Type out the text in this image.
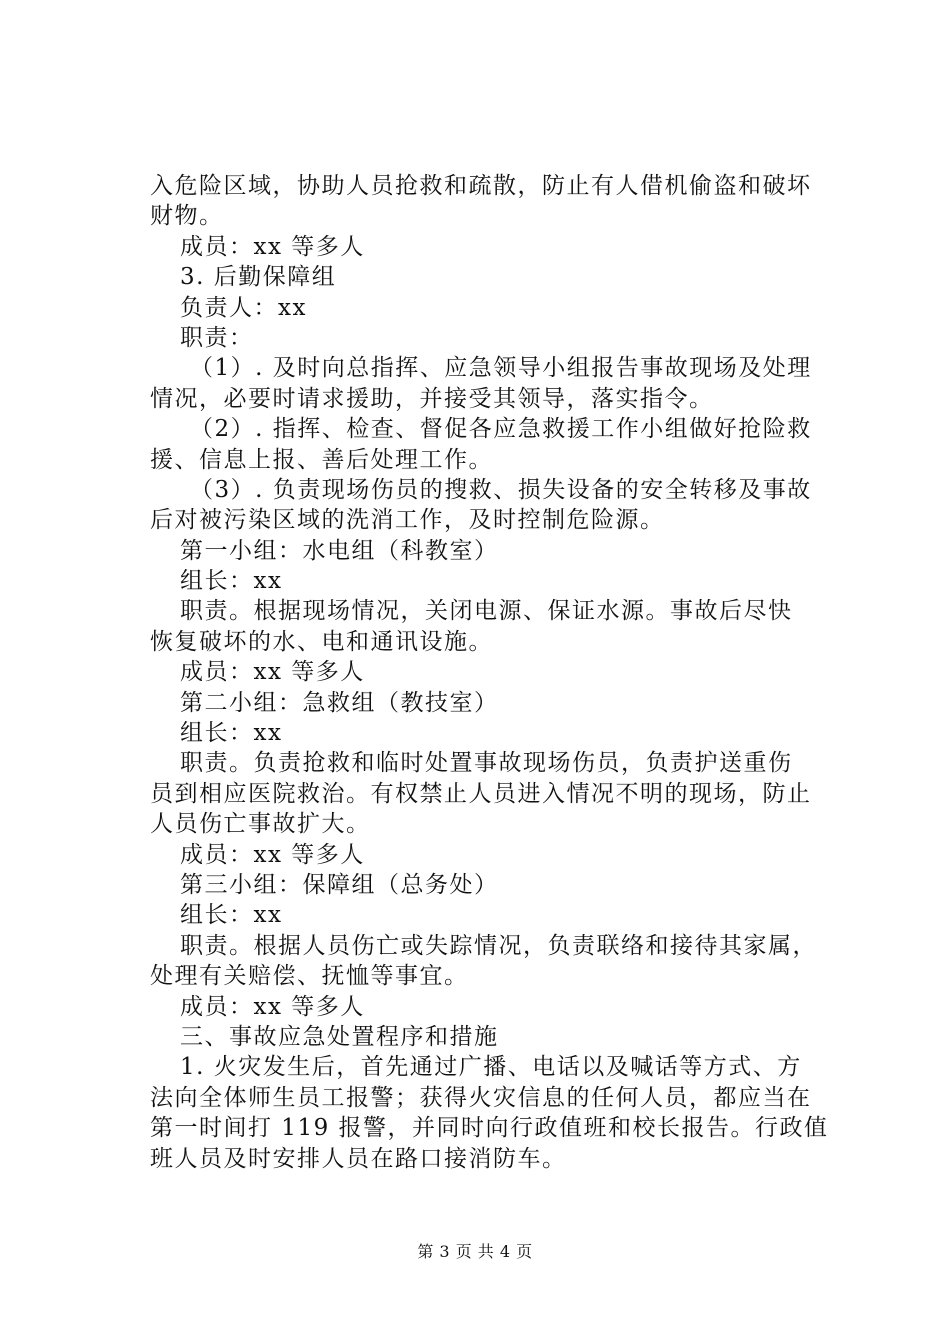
入危险区域，协助人员抢救和疏散，防止有人借机偷盗和破坏
财物。
成员：xx 等多人
3. 后勤保障组
负责人：xx
职责：
（1）. 及时向总指挥、应急领导小组报告事故现场及处理
情况，必要时请求援助，并接受其领导，落实指令。
（2）. 指挥、检查、督促各应急救援工作小组做好抢险救
援、信息上报、善后处理工作。
（3）. 负责现场伤员的搜救、损失设备的安全转移及事故
后对被污染区域的洗消工作，及时控制危险源。
第一小组：水电组（科教室）
组长：xx
职责。根据现场情况，关闭电源、保证水源。事故后尽快
恢复破坏的水、电和通讯设施。
成员：xx 等多人
第二小组：急救组（教技室）
组长：xx
职责。负责抢救和临时处置事故现场伤员，负责护送重伤
员到相应医院救治。有权禁止人员进入情况不明的现场，防止
人员伤亡事故扩大。
成员：xx 等多人
第三小组：保障组（总务处）
组长：xx
职责。根据人员伤亡或失踪情况，负责联络和接待其家属，
处理有关赔偿、抚恤等事宜。
成员：xx 等多人
三、事故应急处置程序和措施
1. 火灾发生后，首先通过广播、电话以及喊话等方式、方
法向全体师生员工报警；获得火灾信息的任何人员，都应当在
第一时间打 119 报警，并同时向行政值班和校长报告。行政值
班人员及时安排人员在路口接消防车。
第 3 页 共 4 页
